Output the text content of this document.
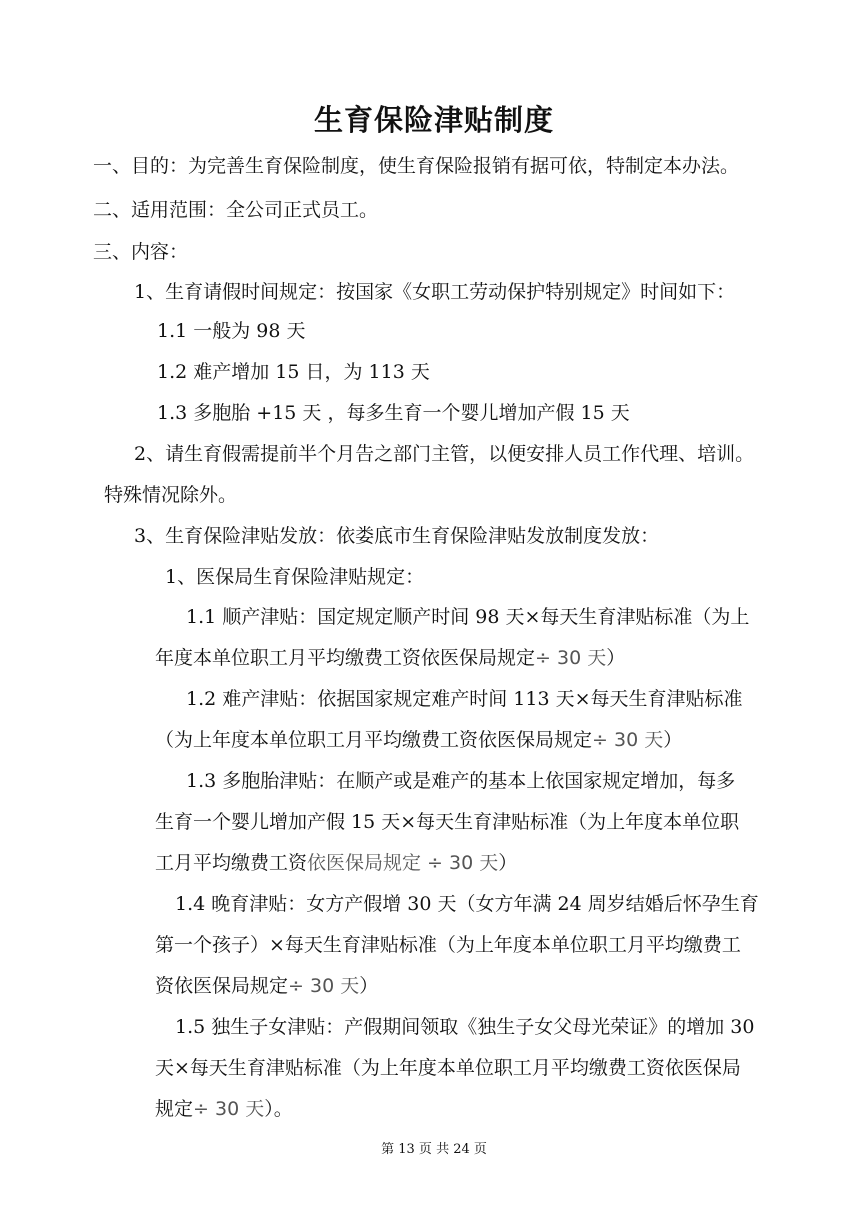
生育保险津贴制度
一、目的：为完善生育保险制度，使生育保险报销有据可依，特制定本办法。
二、适用范围：全公司正式员工。
三、内容：
1、生育请假时间规定：按国家《女职工劳动保护特别规定》时间如下：
1.1 一般为 98 天
1.2 难产增加 15 日，为 113 天
1.3 多胞胎 +15 天 ，每多生育一个婴儿增加产假 15 天
2、请生育假需提前半个月告之部门主管，以便安排人员工作代理、培训。
特殊情况除外。
3、生育保险津贴发放：依娄底市生育保险津贴发放制度发放：
1、医保局生育保险津贴规定：
1.1 顺产津贴：国定规定顺产时间 98 天×每天生育津贴标准（为上
年度本单位职工月平均缴费工资依医保局规定÷ 30 天）
1.2 难产津贴：依据国家规定难产时间 113 天×每天生育津贴标准
（为上年度本单位职工月平均缴费工资依医保局规定÷ 30 天）
1.3 多胞胎津贴：在顺产或是难产的基本上依国家规定增加，每多
生育一个婴儿增加产假 15 天×每天生育津贴标准（为上年度本单位职
工月平均缴费工资依医保局规定 ÷ 30 天）
1.4 晚育津贴：女方产假增 30 天（女方年满 24 周岁结婚后怀孕生育
第一个孩子）×每天生育津贴标准（为上年度本单位职工月平均缴费工
资依医保局规定÷ 30 天）
1.5 独生子女津贴：产假期间领取《独生子女父母光荣证》的增加 30
天×每天生育津贴标准（为上年度本单位职工月平均缴费工资依医保局
规定÷ 30 天）。
第 13 页 共 24 页
